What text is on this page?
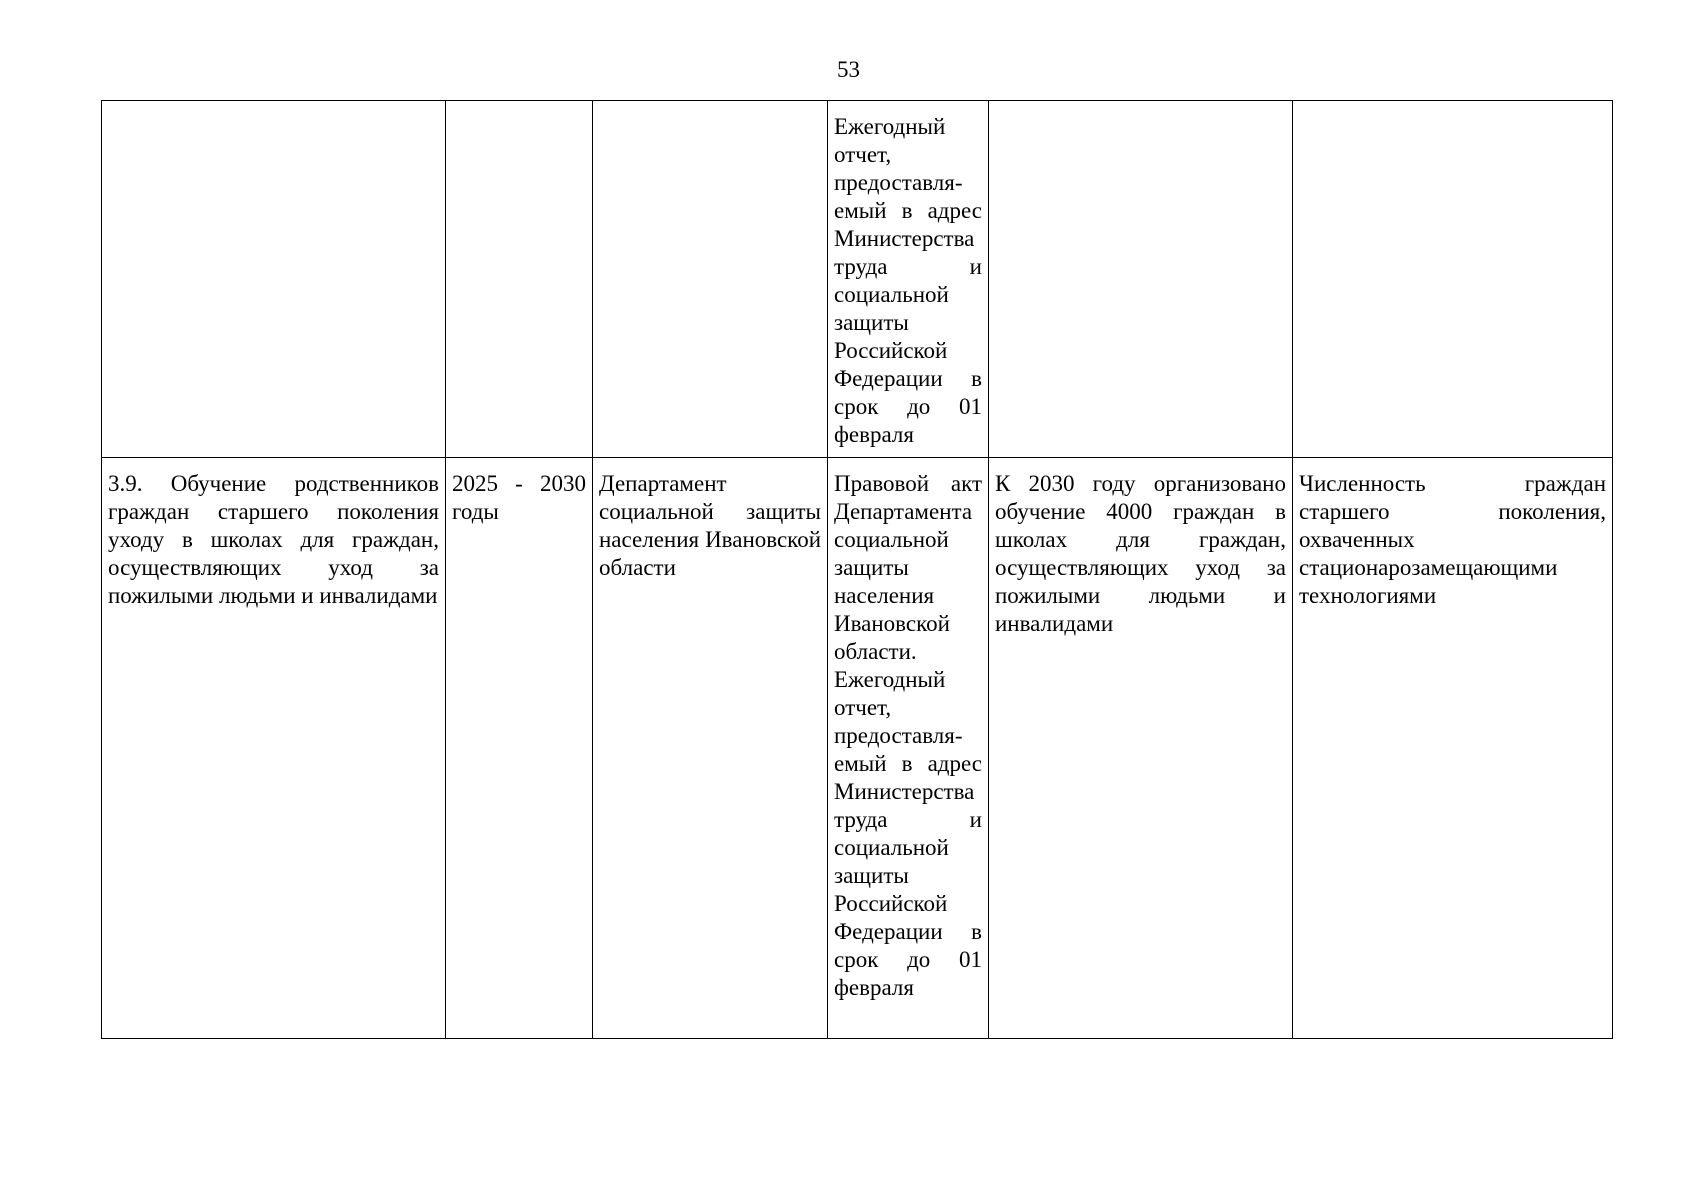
53
			Ежегодный отчет, предоставля-емый в адрес Министерства труда и социальной защиты Российской Федерации в срок до 01 февраля		
3.9. Обучение родственников граждан старшего поколения уходу в школах для граждан, осуществляющих уход за пожилыми людьми и инвалидами	2025 - 2030 годы	Департамент социальной защиты населения Ивановской области	Правовой акт Департамента социальной защиты населения Ивановской области. Ежегодный отчет, предоставля-емый в адрес Министерства труда и социальной защиты Российской Федерации в срок до 01 февраля	К 2030 году организовано обучение 4000 граждан в школах для граждан, осуществляющих уход за пожилыми людьми и инвалидами	Численность граждан старшего поколения, охваченных стационарозамещающими технологиями
